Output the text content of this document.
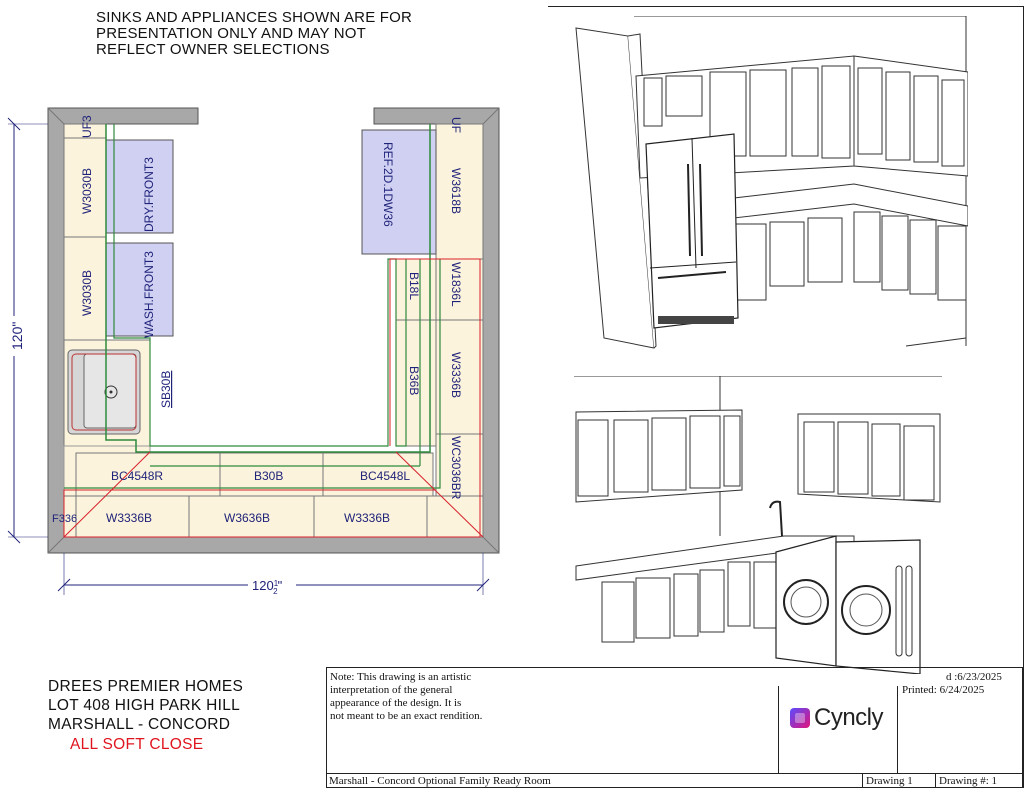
SINKS AND APPLIANCES SHOWN ARE FOR
PRESENTATION ONLY AND MAY NOT
REFLECT OWNER SELECTIONS
UF3
W3030B
W3030B
DRY.FRONT3
WASH.FRONT3
SB30B
REF.2D.1DW36
UF
W3618B
W1836L
B18L
W3336B
B36B
WC3036BR
BC4548R	B30B	BC4548L
F336 W3336B	W3636B	W3336B
120"
$120^1$ 2"
DREES PREMIER HOMES
LOT 408 HIGH PARK HILL
MARSHALL - CONCORD
ALL SOFT CLOSE
Note: This drawing is an artistic
interpretation of the general
appearance of the design. It is
not meant to be an exact rendition.
d :6/23/2025
Printed: 6/24/2025
Cyncly
Marshall - Concord Optional Family Ready Room	Drawing 1 Drawing #: 1
